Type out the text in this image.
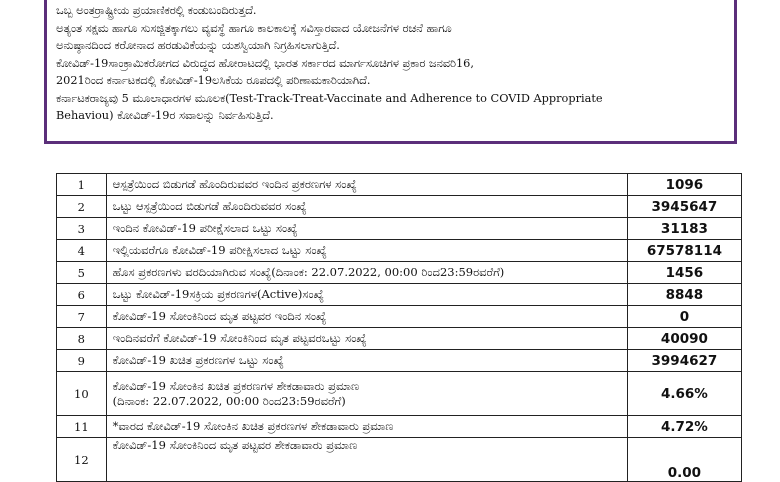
ಒಬ್ಬ ಅಂತರ್‍ರಾಷ್ಟ್ರೀಯ ಪ್ರಯಾಣಿಕರಲ್ಲಿ ಕಂಡುಬಂದಿರುತ್ತದೆ.
ಅತ್ಯಂತ ಸಕ್ಷಮ ಹಾಗೂ ಸುಸಜ್ಜಿತಕ್ಕಾಗಲು ವ್ಯವಸ್ಥೆ ಹಾಗೂ ಕಾಲಕಾಲಕ್ಕೆ ಸವಿಸ್ತಾರವಾದ ಯೋಜನೆಗಳ ರಚನೆ ಹಾಗೂ
ಅನುಷ್ಠಾನದಿಂದ ಕರೋನಾದ ಹರಡುವಿಕೆಯನ್ನು ಯಶಸ್ವಿಯಾಗಿ ನಿಗ್ರಹಿಸಲಾಗುತ್ತಿದೆ.
ಕೋವಿಡ್-19ಸಾಂಕ್ರಾಮಿಕರೋಗದ ವಿರುದ್ಧದ ಹೋರಾಟದಲ್ಲಿ ಭಾರತ ಸರ್ಕಾರದ ಮಾರ್ಗಸೂಚಿಗಳ ಪ್ರಕಾರ ಜನವರಿ16,
2021ರಿಂದ ಕರ್ನಾಟಕದಲ್ಲಿ ಕೋವಿಡ್-19ಲಸಿಕೆಯ ರೂಪದಲ್ಲಿ ಪರಿಣಾಮಕಾರಿಯಾಗಿದೆ.
ಕರ್ನಾಟಕರಾಜ್ಯವು 5 ಮೂಲಾಧಾರಗಳ ಮೂಲಕ(Test-Track-Treat-Vaccinate and Adherence to COVID Appropriate
Behaviou) ಕೋವಿಡ್-19ರ ಸವಾಲನ್ನು ನಿರ್ವಹಿಸುತ್ತಿದೆ.

1	ಆಸ್ಪತ್ರೆಯಿಂದ ಬಿಡುಗಡೆ ಹೊಂದಿರುವವರ ಇಂದಿನ ಪ್ರಕರಣಗಳ ಸಂಖ್ಯೆ	1096
2	ಒಟ್ಟು ಆಸ್ಪತ್ರೆಯಿಂದ ಬಿಡುಗಡೆ ಹೊಂದಿರುವವರ ಸಂಖ್ಯೆ	3945647
3	ಇಂದಿನ ಕೋವಿಡ್-19 ಪರೀಕ್ಷೆಸಲಾದ ಒಟ್ಟು ಸಂಖ್ಯೆ	31183
4	ಇಲ್ಲಿಯವರೆಗೂ ಕೋವಿಡ್-19 ಪರೀಕ್ಷಿಸಲಾದ ಒಟ್ಟು ಸಂಖ್ಯೆ	67578114
5	ಹೊಸ ಪ್ರಕರಣಗಳು ವರದಿಯಾಗಿರುವ ಸಂಖ್ಯೆ(ದಿನಾಂಕ: 22.07.2022, 00:00 ರಿಂದ23:59ರವರೆಗೆ)	1456
6	ಒಟ್ಟು ಕೋವಿಡ್-19ಸಕ್ರಿಯ ಪ್ರಕರಣಗಳ(Active)ಸಂಖ್ಯೆ	8848
7	ಕೋವಿಡ್-19 ಸೋಂಕಿನಿಂದ ಮೃತ ಪಟ್ಟವರ ಇಂದಿನ ಸಂಖ್ಯೆ	0
8	ಇಂದಿನವರೆಗೆ ಕೋವಿಡ್-19 ಸೋಂಕಿನಿಂದ ಮೃತ ಪಟ್ಟವರಒಟ್ಟು ಸಂಖ್ಯೆ	40090
9	ಕೋವಿಡ್-19 ಖಚಿತ ಪ್ರಕರಣಗಳ ಒಟ್ಟು ಸಂಖ್ಯೆ	3994627
10	ಕೋವಿಡ್-19 ಸೋಂಕಿನ ಖಚಿತ ಪ್ರಕರಣಗಳ ಶೇಕಡಾವಾರು ಪ್ರಮಾಣ
(ದಿನಾಂಕ: 22.07.2022, 00:00 ರಿಂದ23:59ರವರೆಗೆ)	4.66%
11	*ವಾರದ ಕೋವಿಡ್-19 ಸೋಂಕಿನ ಖಚಿತ ಪ್ರಕರಣಗಳ ಶೇಕಡಾವಾರು ಪ್ರಮಾಣ	4.72%
12	ಕೋವಿಡ್-19 ಸೋಂಕಿನಿಂದ ಮೃತ ಪಟ್ಟವರ ಶೇಕಡಾವಾರು ಪ್ರಮಾಣ	0.00
